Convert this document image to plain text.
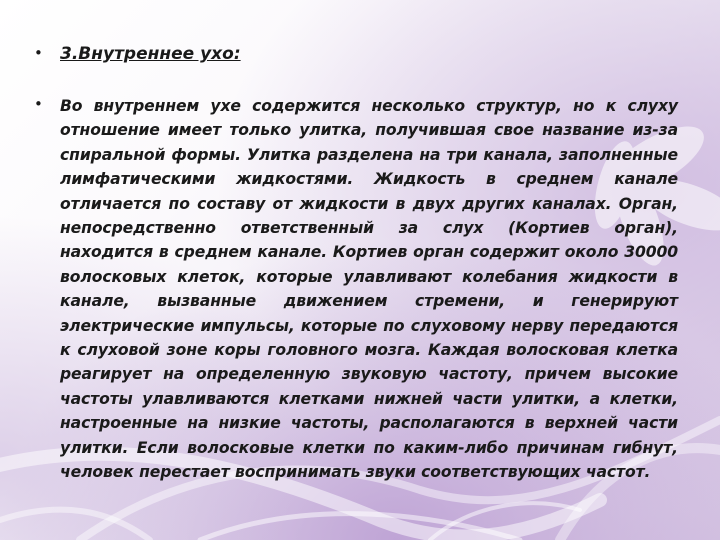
• 3.Внутреннее ухо:
• Во внутреннем ухе содержится несколько структур, но к слуху отношение имеет только улитка, получившая свое название из-за спиральной формы. Улитка разделена на три канала, заполненные лимфатическими жидкостями. Жидкость в среднем канале отличается по составу от жидкости в двух других каналах. Орган, непосредственно ответственный за слух (Кортиев орган), находится в среднем канале. Кортиев орган содержит около 30000 волосковых клеток, которые улавливают колебания жидкости в канале, вызванные движением стремени, и генерируют электрические импульсы, которые по слуховому нерву передаются к слуховой зоне коры головного мозга. Каждая волосковая клетка реагирует на определенную звуковую частоту, причем высокие частоты улавливаются клетками нижней части улитки, а клетки, настроенные на низкие частоты, располагаются в верхней части улитки. Если волосковые клетки по каким-либо причинам гибнут, человек перестает воспринимать звуки соответствующих частот.
